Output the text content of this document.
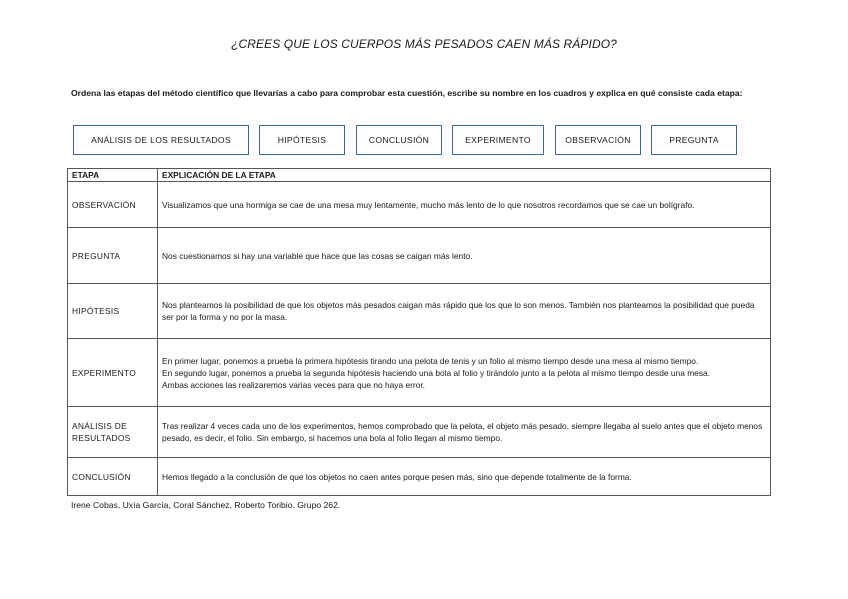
¿CREES QUE LOS CUERPOS MÁS PESADOS CAEN MÁS RÁPIDO?
Ordena las etapas del método científico que llevarías a cabo para comprobar esta cuestión, escribe su nombre en los cuadros y explica en qué consiste cada etapa:
ANÁLISIS DE LOS RESULTADOS	HIPÓTESIS	CONCLUSIÓN	EXPERIMENTO	OBSERVACIÓN	PREGUNTA
ETAPA	EXPLICACIÓN DE LA ETAPA
OBSERVACIÓN	Visualizamos que una hormiga se cae de una mesa muy lentamente, mucho más lento de lo que nosotros recordamos que se cae un bolígrafo.

PREGUNTA	Nos cuestionamos si hay una variable que hace que las cosas se caigan más lento.

HIPÓTESIS	Nos planteamos la posibilidad de que los objetos más pesados caigan más rápido que los que lo son menos. También nos planteamos la posibilidad que pueda ser por la forma y no por la masa.

EXPERIMENTO	En primer lugar, ponemos a prueba la primera hipótesis tirando una pelota de tenis y un folio al mismo tiempo desde una mesa al mismo tiempo.
En segundo lugar, ponemos a prueba la segunda hipótesis haciendo una bola al folio y tirándolo junto a la pelota al mismo tiempo desde una mesa.
Ambas acciones las realizaremos varias veces para que no haya error.

ANÁLISIS DE RESULTADOS	Tras realizar 4 veces cada uno de los experimentos, hemos comprobado que la pelota, el objeto más pesado, siempre llegaba al suelo antes que el objeto menos pesado, es decir, el folio. Sin embargo, si hacemos una bola al folio llegan al mismo tiempo.

CONCLUSIÓN	Hemos llegado a la conclusión de que los objetos no caen antes porque pesen más, sino que depende totalmente de la forma.
Irene Cobas, Uxía García, Coral Sánchez, Roberto Toribio. Grupo 262.
